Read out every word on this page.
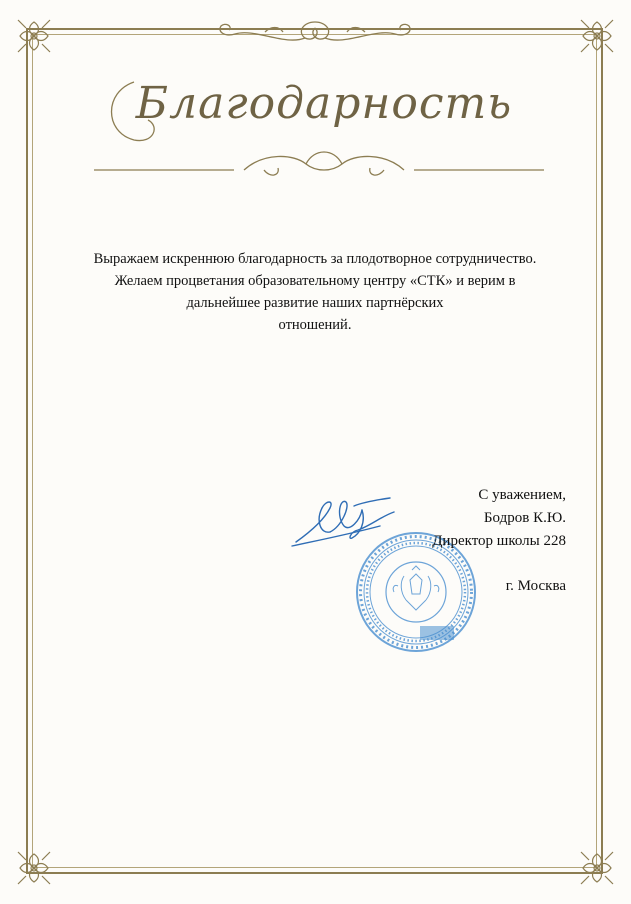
Благодарность

Выражаем искреннюю благодарность за плодотворное сотрудничество.

Желаем процветания образовательному центру «СТК» и верим в

дальнейшее развитие наших партнёрских

отношений.

С уважением,

Бодров К.Ю.

Директор школы 228

г. Москва
